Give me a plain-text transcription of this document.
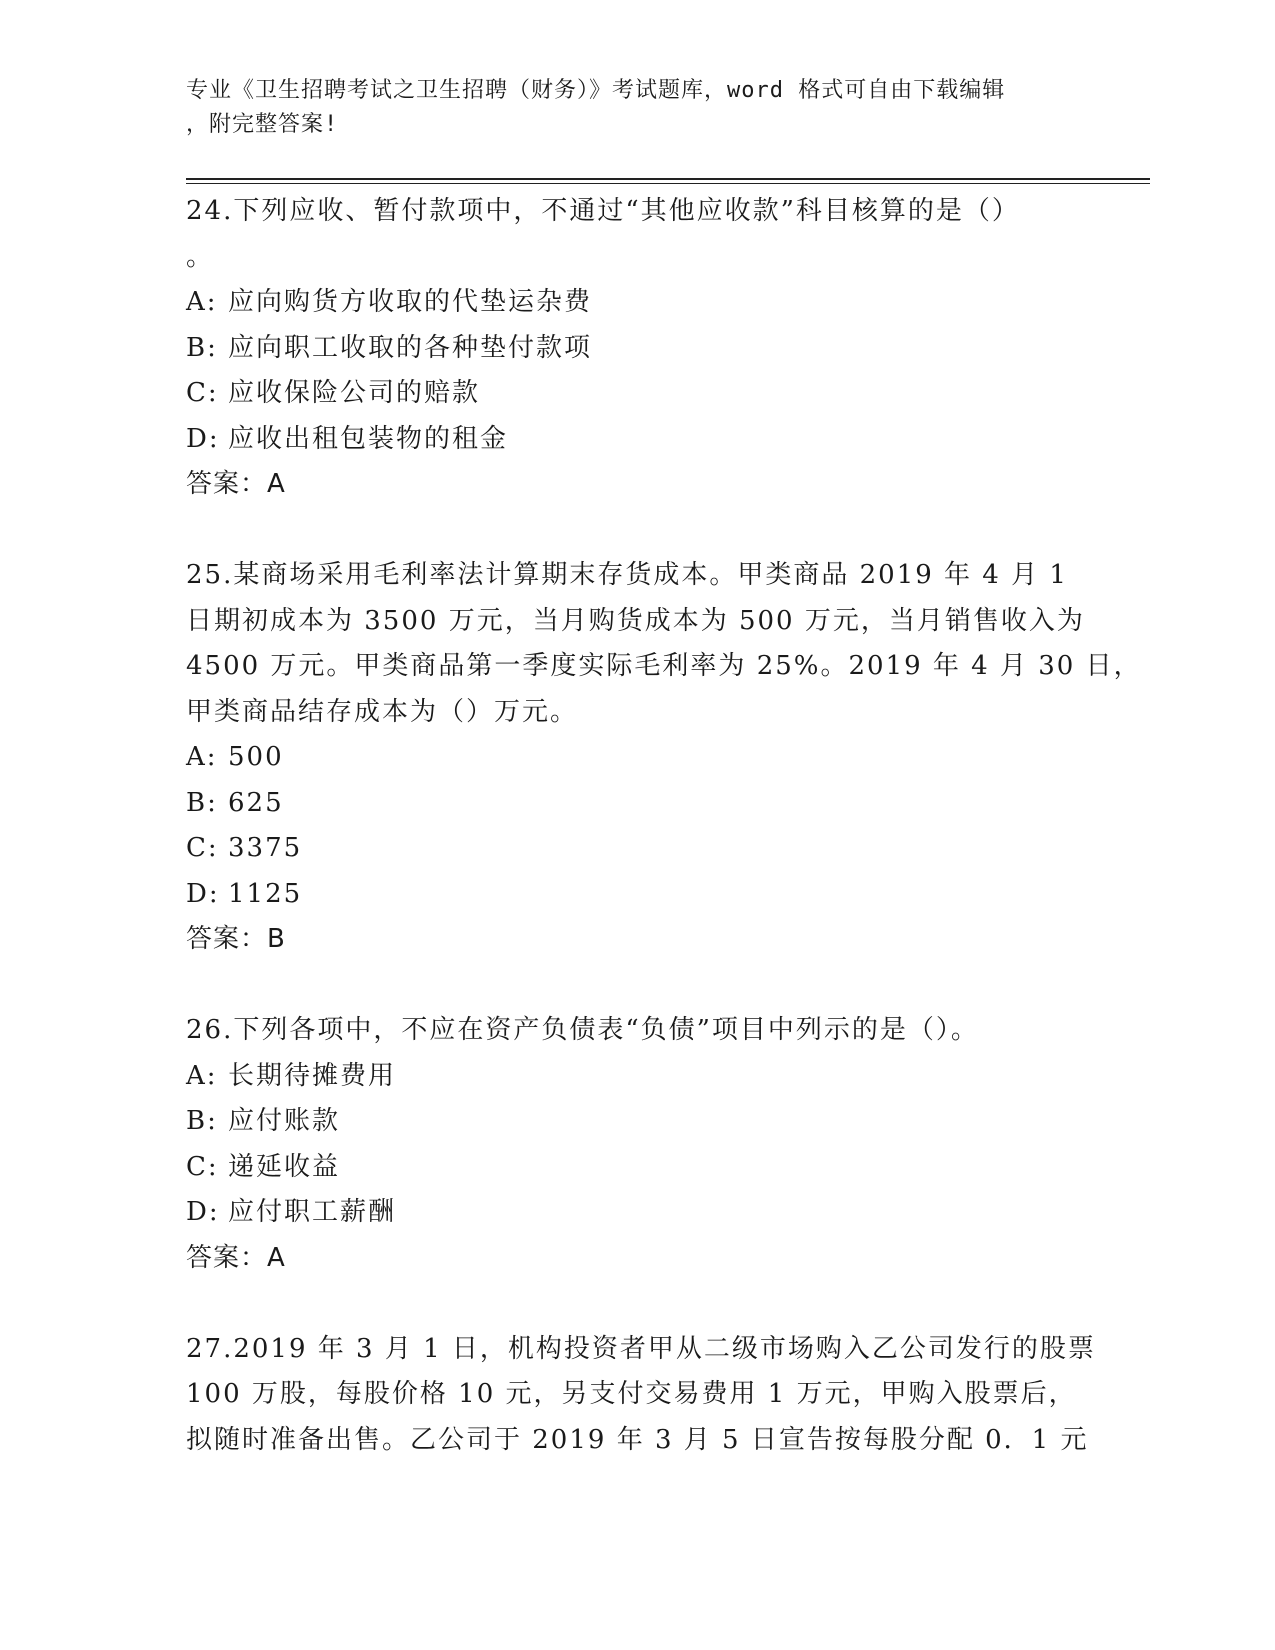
专业《卫生招聘考试之卫生招聘（财务）》考试题库，word 格式可自由下载编辑
，附完整答案!
24.下列应收、暂付款项中，不通过“其他应收款”科目核算的是（）
。
A: 应向购货方收取的代垫运杂费
B: 应向职工收取的各种垫付款项
C: 应收保险公司的赔款
D: 应收出租包装物的租金
答案：A
25.某商场采用毛利率法计算期末存货成本。甲类商品 2019 年 4 月 1
日期初成本为 3500 万元，当月购货成本为 500 万元，当月销售收入为
4500 万元。甲类商品第一季度实际毛利率为 25%。2019 年 4 月 30 日，
甲类商品结存成本为（）万元。
A: 500
B: 625
C: 3375
D: 1125
答案：B
26.下列各项中，不应在资产负债表“负债”项目中列示的是（）。
A: 长期待摊费用
B: 应付账款
C: 递延收益
D: 应付职工薪酬
答案：A
27.2019 年 3 月 1 日，机构投资者甲从二级市场购入乙公司发行的股票
100 万股，每股价格 10 元，另支付交易费用 1 万元，甲购入股票后，
拟随时准备出售。乙公司于 2019 年 3 月 5 日宣告按每股分配 0．1 元
